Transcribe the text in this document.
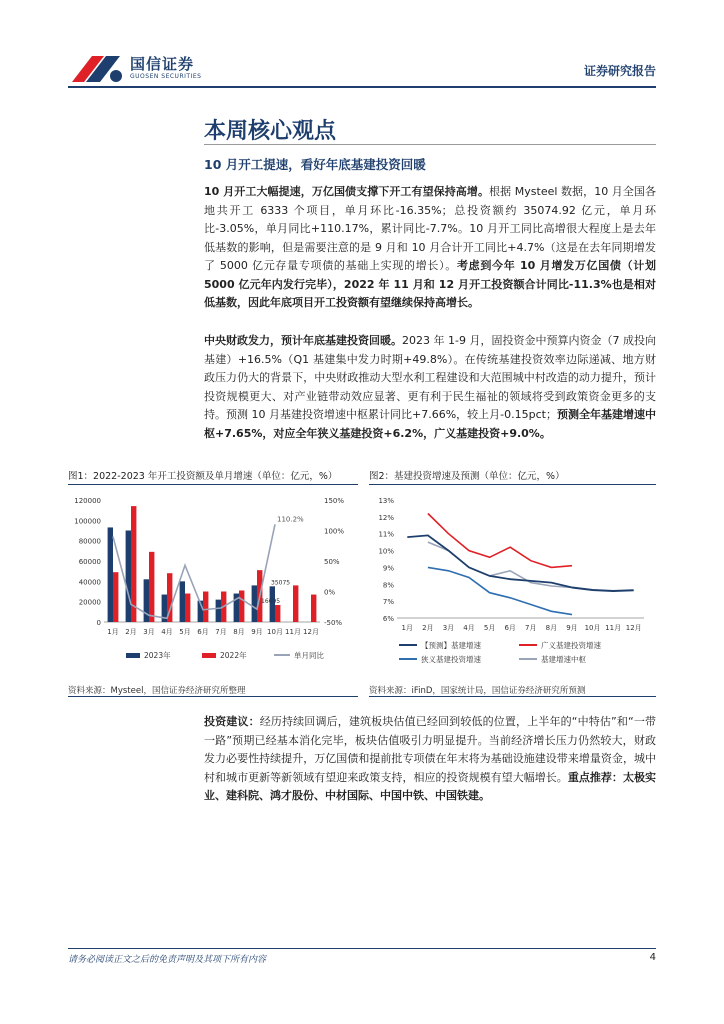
国信证券
GUOSEN SECURITIES	证券研究报告
本周核心观点
10 月开工提速，看好年底基建投资回暖
10 月开工大幅提速，万亿国债支撑下开工有望保持高增。根据 Mysteel 数据，10 月全国各地共开工 6333 个项目，单月环比-16.35%；总投资额约 35074.92 亿元，单月环比-3.05%，单月同比+110.17%，累计同比-7.7%。10 月开工同比高增很大程度上是去年低基数的影响，但是需要注意的是 9 月和 10 月合计开工同比+4.7%（这是在去年同期增发了 5000 亿元存量专项债的基础上实现的增长）。考虑到今年 10 月增发万亿国债（计划 5000 亿元年内发行完毕），2022 年 11 月和 12 月开工投资额合计同比-11.3%也是相对低基数，因此年底项目开工投资额有望继续保持高增长。
中央财政发力，预计年底基建投资回暖。2023 年 1-9 月，固投资金中预算内资金（7 成投向基建）+16.5%（Q1 基建集中发力时期+49.8%）。在传统基建投资效率边际递减、地方财政压力仍大的背景下，中央财政推动大型水利工程建设和大范围城中村改造的动力提升，预计投资规模更大、对产业链带动效应显著、更有利于民生福祉的领域将受到政策资金更多的支持。预测 10 月基建投资增速中枢累计同比+7.66%，较上月-0.15pct；预测全年基建增速中枢+7.65%，对应全年狭义基建投资+6.2%，广义基建投资+9.0%。
图1：2022-2023 年开工投资额及单月增速（单位：亿元，%）	图2：基建投资增速及预测（单位：亿元，%）
0
20000
40000
60000
80000
100000
120000
-50%
0%
50%
100%
150%
110.2%
35075
16695
1月 2月 3月 4月 5月 6月 7月 8月 9月 10月 11月 12月
2023年	2022年	单月同比
6%
7%
8%
9%
10%
11%
12%
13%
1月 2月 3月 4月 5月 6月 7月 8月 9月 10月 11月 12月
【预测】基建增速	广义基建投资增速
狭义基建投资增速	基建增速中枢
资料来源：Mysteel，国信证券经济研究所整理	资料来源：iFinD，国家统计局，国信证券经济研究所预测
投资建议：经历持续回调后，建筑板块估值已经回到较低的位置，上半年的“中特估”和“一带一路”预期已经基本消化完毕，板块估值吸引力明显提升。当前经济增长压力仍然较大，财政发力必要性持续提升，万亿国债和提前批专项债在年末将为基础设施建设带来增量资金，城中村和城市更新等新领域有望迎来政策支持，相应的投资规模有望大幅增长。重点推荐：太极实业、建科院、鸿才股份、中材国际、中国中铁、中国铁建。
请务必阅读正文之后的免责声明及其项下所有内容	4
